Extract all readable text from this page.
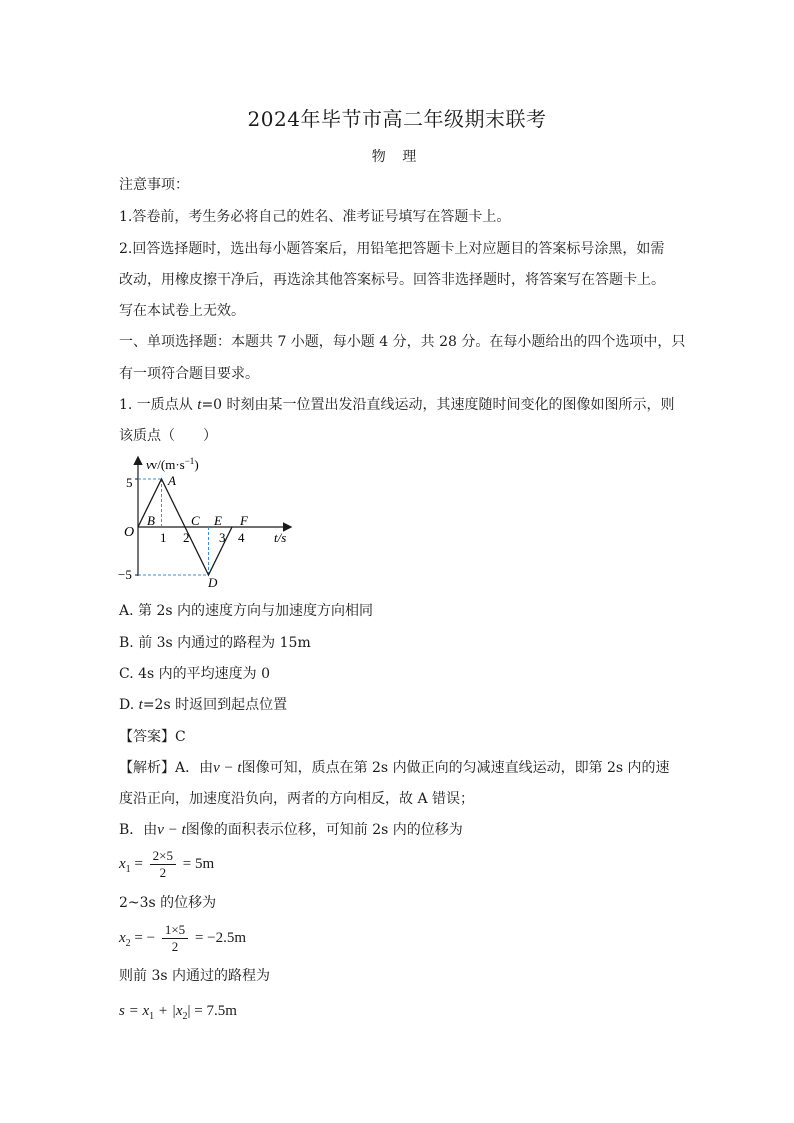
2024年毕节市高二年级期末联考
物 理
注意事项：
1.答卷前，考生务必将自己的姓名、准考证号填写在答题卡上。
2.回答选择题时，选出每小题答案后，用铅笔把答题卡上对应题目的答案标号涂黑，如需
改动，用橡皮擦干净后，再选涂其他答案标号。回答非选择题时，将答案写在答题卡上。
写在本试卷上无效。
一、单项选择题：本题共 7 小题，每小题 4 分，共 28 分。在每小题给出的四个选项中，只
有一项符合题目要求。
1. 一质点从 t=0 时刻由某一位置出发沿直线运动，其速度随时间变化的图像如图所示，则
该质点（　　）
$vv/(m\cdot s^{-1})$
t/s
O
5
−5
1 2 3 4
A
B	C
D
E F
A. 第 2s 内的速度方向与加速度方向相同
B. 前 3s 内通过的路程为 15m
C. 4s 内的平均速度为 0
D. t=2s 时返回到起点位置
【答案】C
【解析】A．由v − t图像可知，质点在第 2s 内做正向的匀减速直线运动，即第 2s 内的速
度沿正向，加速度沿负向，两者的方向相反，故 A 错误；
B．由v − t图像的面积表示位移，可知前 2s 内的位移为
$x_1 = \frac{2\times 5}{2} = 5m$
2~3s 的位移为
$x_2$ = − $\frac{1\times 5}{2} = -2.5m$
则前 3s 内通过的路程为
$s = x_1 + |x_2| = 7.5m$
